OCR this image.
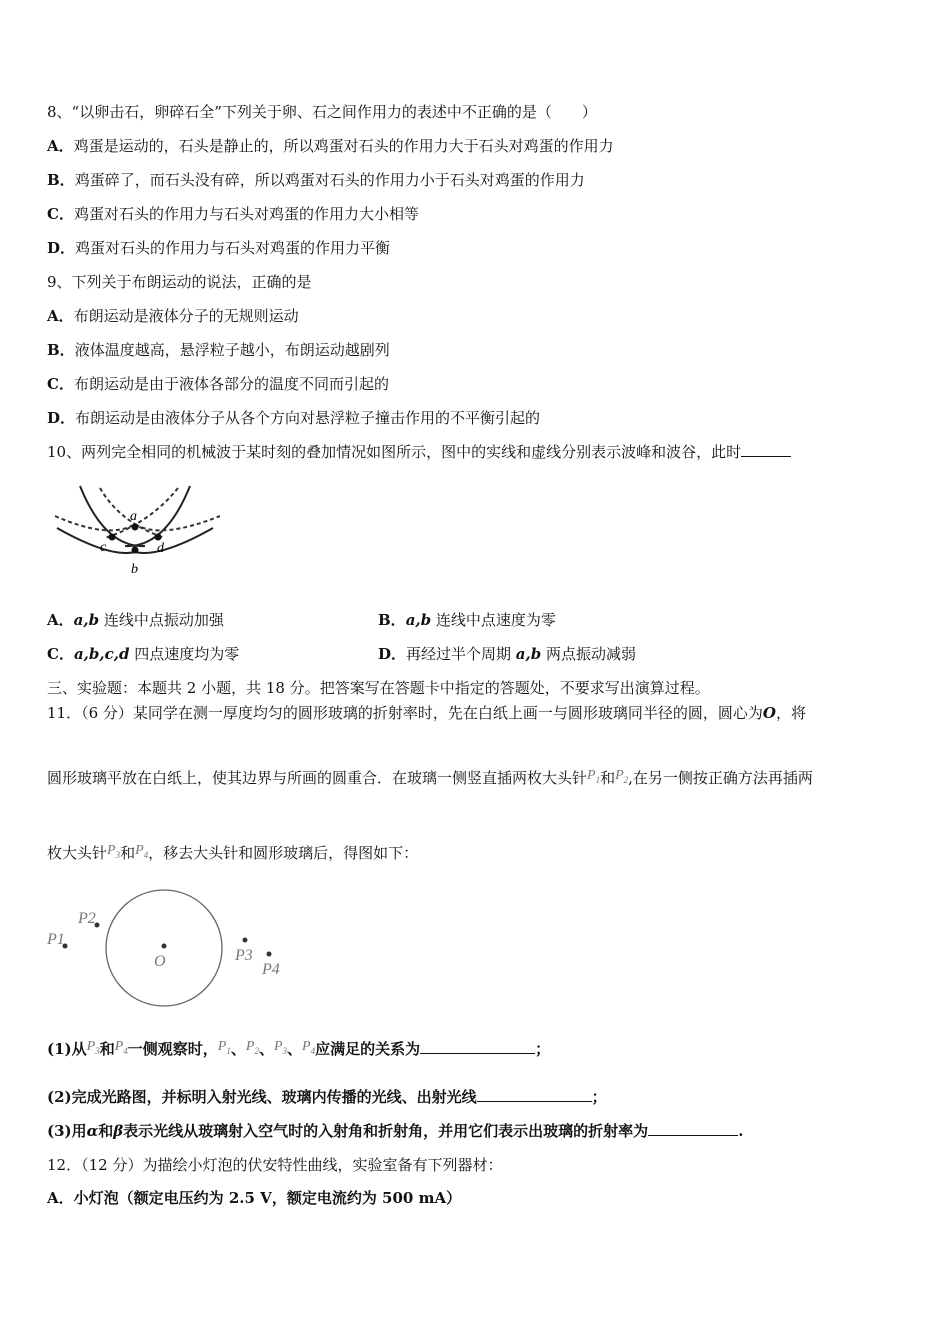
8、“以卵击石，卵碎石全”下列关于卵、石之间作用力的表述中不正确的是（　　）
A．鸡蛋是运动的，石头是静止的，所以鸡蛋对石头的作用力大于石头对鸡蛋的作用力
B．鸡蛋碎了，而石头没有碎，所以鸡蛋对石头的作用力小于石头对鸡蛋的作用力
C．鸡蛋对石头的作用力与石头对鸡蛋的作用力大小相等
D．鸡蛋对石头的作用力与石头对鸡蛋的作用力平衡
9、下列关于布朗运动的说法，正确的是
A．布朗运动是液体分子的无规则运动
B．液体温度越高，悬浮粒子越小，布朗运动越剧列
C．布朗运动是由于液体各部分的温度不同而引起的
D．布朗运动是由液体分子从各个方向对悬浮粒子撞击作用的不平衡引起的
10、两列完全相同的机械波于某时刻的叠加情况如图所示，图中的实线和虚线分别表示波峰和波谷，此时
a
b
c	d
A．a,b 连线中点振动加强	B．a,b 连线中点速度为零
C．a,b,c,d 四点速度均为零	D．再经过半个周期 a,b 两点振动减弱
三、实验题：本题共 2 小题，共 18 分。把答案写在答题卡中指定的答题处，不要求写出演算过程。
11．（6 分）某同学在测一厚度均匀的圆形玻璃的折射率时，先在白纸上画一与圆形玻璃同半径的圆，圆心为O，将
圆形玻璃平放在白纸上，使其边界与所画的圆重合．在玻璃一侧竖直插两枚大头针$P_1$和$P_2$,在另一侧按正确方法再插两
枚大头针$P_3$和$P_4$，移去大头针和圆形玻璃后，得图如下：
P1
P2
O	P3
P4
(1)从$P_3$和$P_4$一侧观察时，$P_1$、$P_2$、$P_3$、$P_4$应满足的关系为	；
(2)完成光路图，并标明入射光线、玻璃内传播的光线、出射光线	；
(3)用α和β表示光线从玻璃射入空气时的入射角和折射角，并用它们表示出玻璃的折射率为	.
12．（12 分）为描绘小灯泡的伏安特性曲线，实验室备有下列器材：
A．小灯泡（额定电压约为 2.5 V，额定电流约为 500 mA）
